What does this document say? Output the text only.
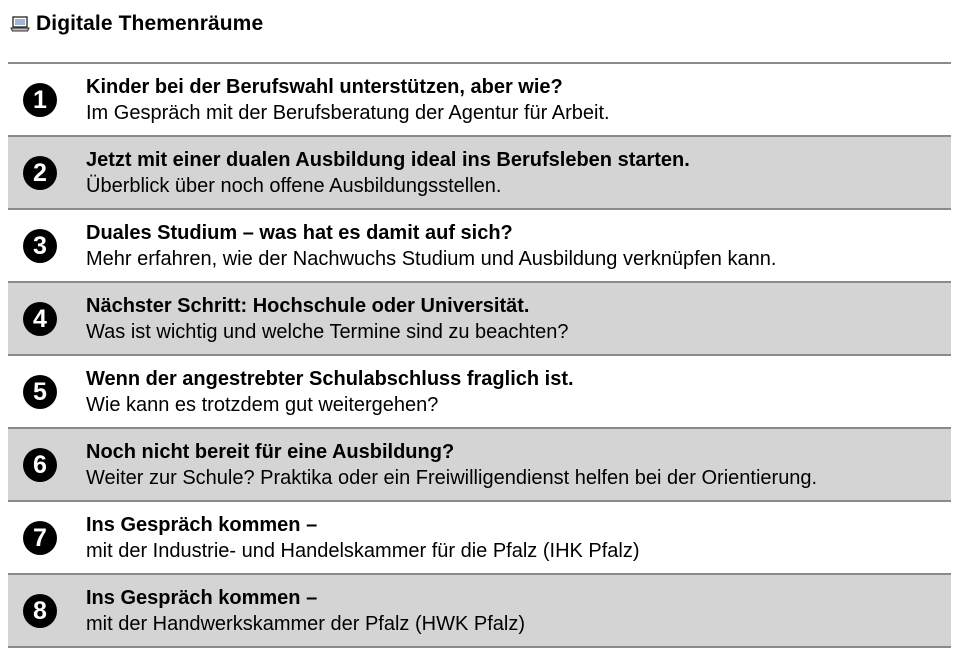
Digitale Themenräume
1	Kinder bei der Berufswahl unterstützen, aber wie?
Im Gespräch mit der Berufsberatung der Agentur für Arbeit.
2	Jetzt mit einer dualen Ausbildung ideal ins Berufsleben starten.
Überblick über noch offene Ausbildungsstellen.
3	Duales Studium – was hat es damit auf sich?
Mehr erfahren, wie der Nachwuchs Studium und Ausbildung verknüpfen kann.
4	Nächster Schritt: Hochschule oder Universität.
Was ist wichtig und welche Termine sind zu beachten?
5	Wenn der angestrebter Schulabschluss fraglich ist.
Wie kann es trotzdem gut weitergehen?
6	Noch nicht bereit für eine Ausbildung?
Weiter zur Schule? Praktika oder ein Freiwilligendienst helfen bei der Orientierung.
7	Ins Gespräch kommen –
mit der Industrie- und Handelskammer für die Pfalz (IHK Pfalz)
8	Ins Gespräch kommen –
mit der Handwerkskammer der Pfalz (HWK Pfalz)
